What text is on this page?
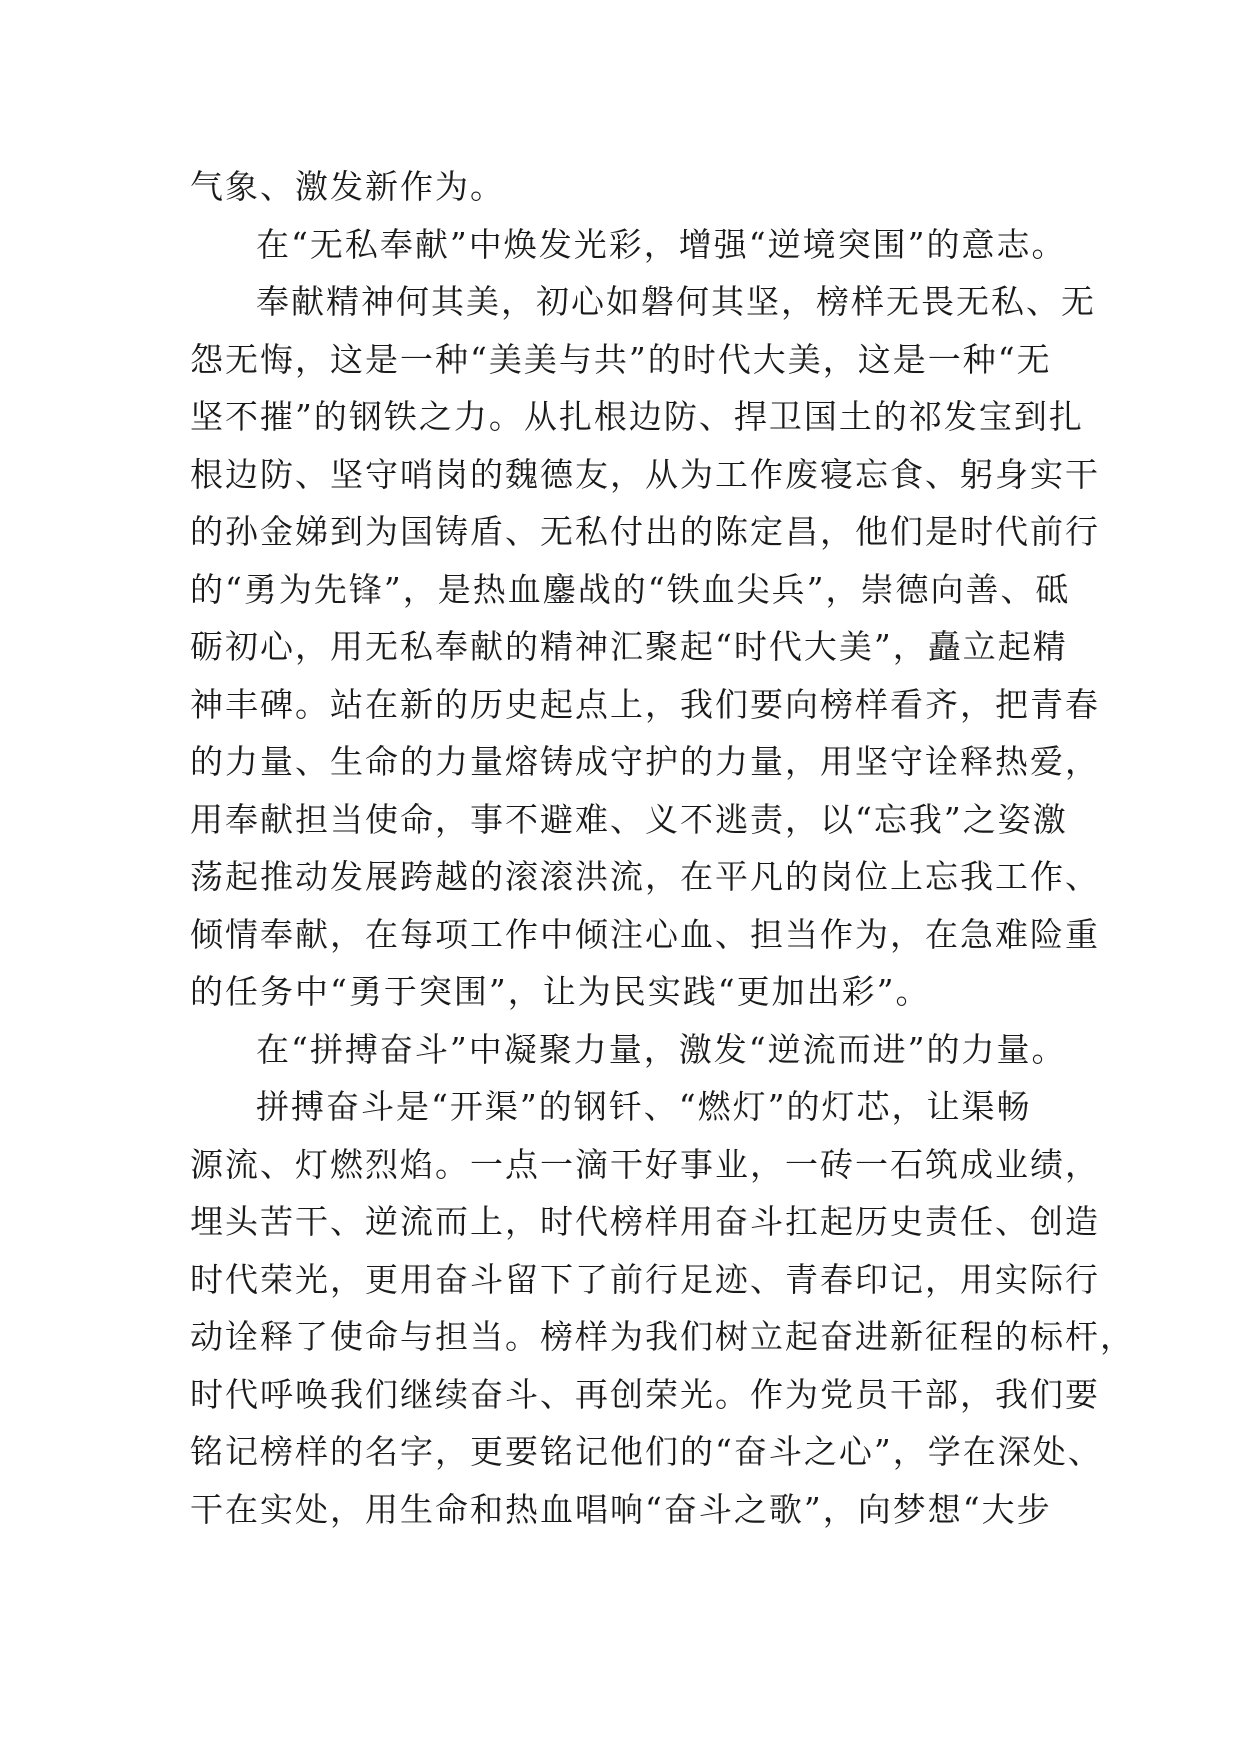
气象、激发新作为。
在“无私奉献”中焕发光彩，增强“逆境突围”的意志。
奉献精神何其美，初心如磐何其坚，榜样无畏无私、无
怨无悔，这是一种“美美与共”的时代大美，这是一种“无
坚不摧”的钢铁之力。从扎根边防、捍卫国土的祁发宝到扎
根边防、坚守哨岗的魏德友，从为工作废寝忘食、躬身实干
的孙金娣到为国铸盾、无私付出的陈定昌，他们是时代前行
的“勇为先锋”，是热血鏖战的“铁血尖兵”，崇德向善、砥
砺初心，用无私奉献的精神汇聚起“时代大美”，矗立起精
神丰碑。站在新的历史起点上，我们要向榜样看齐，把青春
的力量、生命的力量熔铸成守护的力量，用坚守诠释热爱，
用奉献担当使命，事不避难、义不逃责，以“忘我”之姿激
荡起推动发展跨越的滚滚洪流，在平凡的岗位上忘我工作、
倾情奉献，在每项工作中倾注心血、担当作为，在急难险重
的任务中“勇于突围”，让为民实践“更加出彩”。
在“拼搏奋斗”中凝聚力量，激发“逆流而进”的力量。
拼搏奋斗是“开渠”的钢钎、“燃灯”的灯芯，让渠畅
源流、灯燃烈焰。一点一滴干好事业，一砖一石筑成业绩，
埋头苦干、逆流而上，时代榜样用奋斗扛起历史责任、创造
时代荣光，更用奋斗留下了前行足迹、青春印记，用实际行
动诠释了使命与担当。榜样为我们树立起奋进新征程的标杆，
时代呼唤我们继续奋斗、再创荣光。作为党员干部，我们要
铭记榜样的名字，更要铭记他们的“奋斗之心”，学在深处、
干在实处，用生命和热血唱响“奋斗之歌”，向梦想“大步
